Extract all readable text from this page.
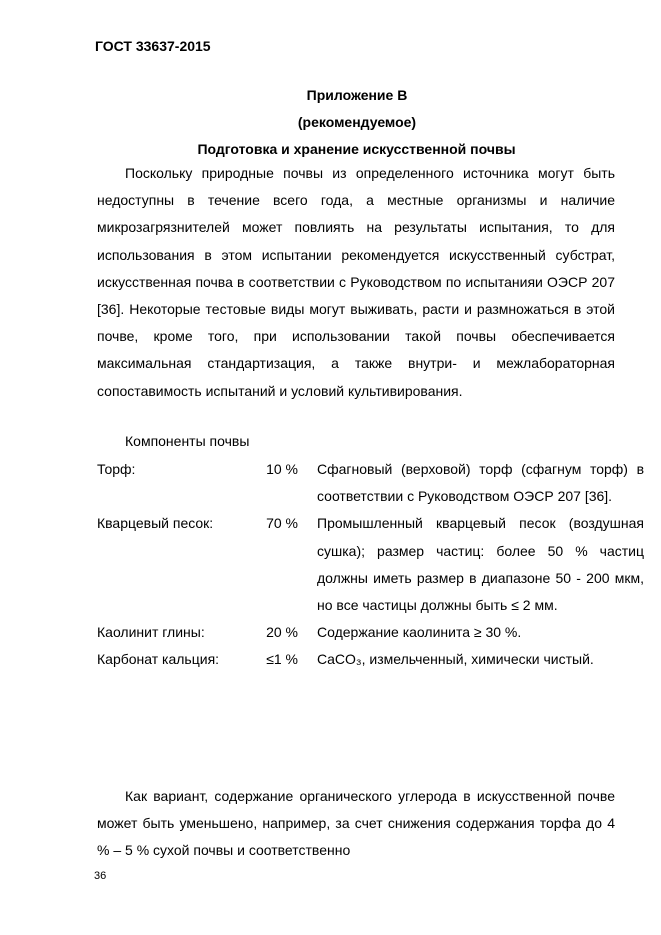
ГОСТ 33637-2015
Приложение В
(рекомендуемое)
Подготовка и хранение искусственной почвы

Поскольку природные почвы из определенного источника могут быть недоступны в течение всего года, а местные организмы и наличие микрозагрязнителей может повлиять на результаты испытания, то для использования в этом испытании рекомендуется искусственный субстрат, искусственная почва в соответствии с Руководством по испытанияи ОЭСР 207 [36]. Некоторые тестовые виды могут выживать, расти и размножаться в этой почве, кроме того, при использовании такой почвы обеспечивается максимальная стандартизация, а также внутри- и межлабораторная сопоставимость испытаний и условий культивирования.

Компоненты почвы
Торф:	10 %	Сфагновый (верховой) торф (сфагнум торф) в соответствии с Руководством ОЭСР 207 [36].
Кварцевый песок:	70 %	Промышленный кварцевый песок (воздушная сушка); размер частиц: более 50 % частиц должны иметь размер в диапазоне 50 - 200 мкм, но все частицы должны быть ≤ 2 мм.
Каолинит глины:	20 %	Содержание каолинита ≥ 30 %.
Карбонат кальция:	≤1 %	CaCO₃, измельченный, химически чистый.

Как вариант, содержание органического углерода в искусственной почве может быть уменьшено, например, за счет снижения содержания торфа до 4 % – 5 % сухой почвы и соответственно

36
